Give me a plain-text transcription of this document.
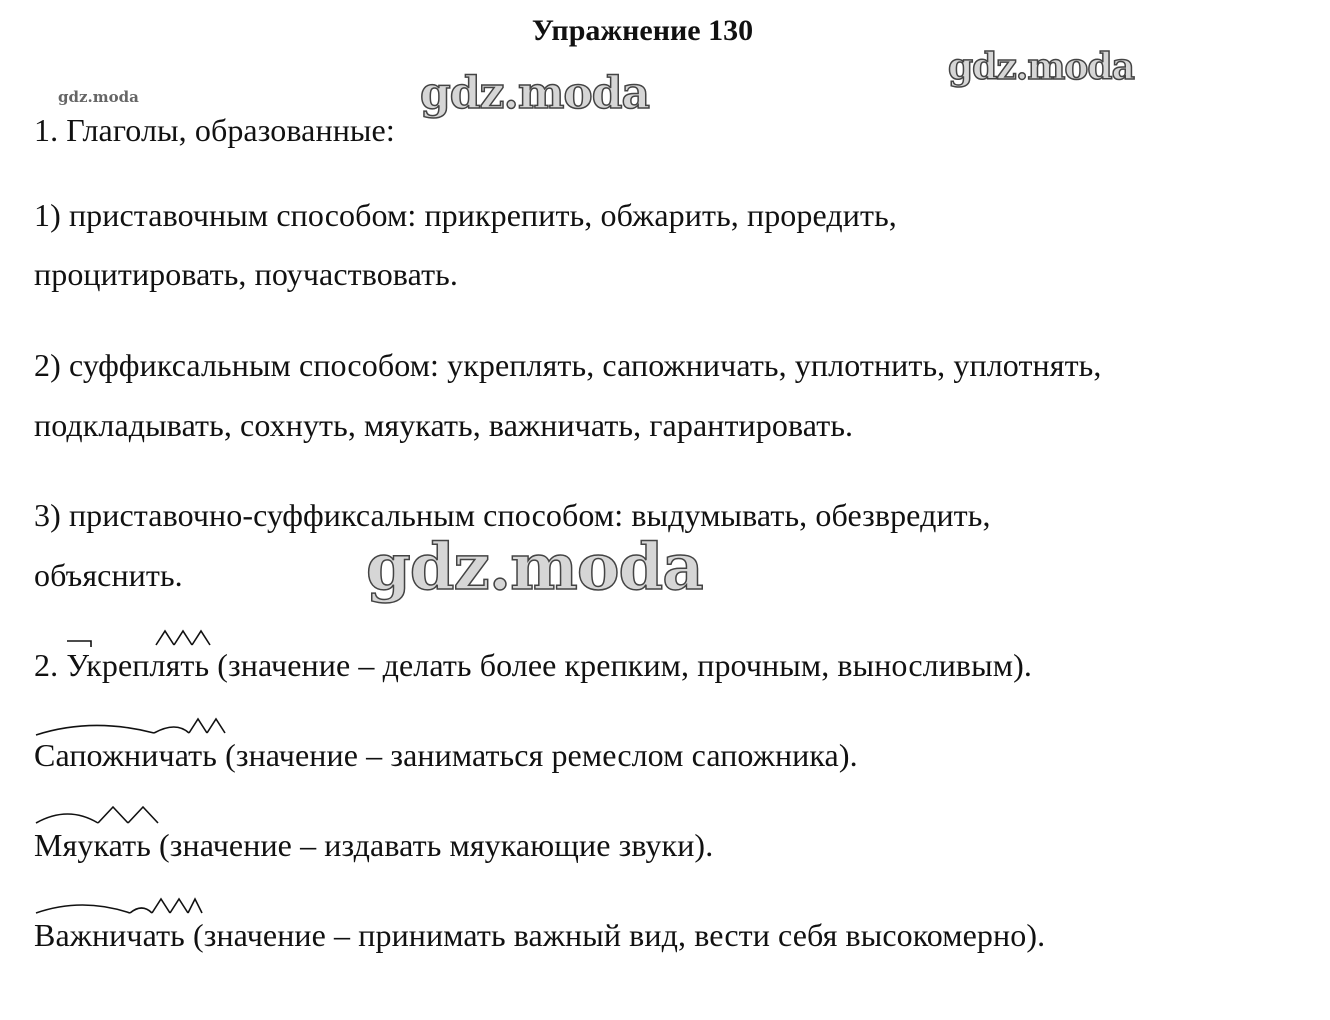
Упражнение 130
gdz.moda	gdz.moda
gdz.moda
gdz.moda
1. Глаголы, образованные:
1) приставочным способом: прикрепить, обжарить, проредить,
процитировать, поучаствовать.
2) суффиксальным способом: укреплять, сапожничать, уплотнить, уплотнять,
подкладывать, сохнуть, мяукать, важничать, гарантировать.
3) приставочно-суффиксальным способом: выдумывать, обезвредить,
объяснить.
2.
Укреплять (значение – делать более крепким, прочным, выносливым).
Сапожничать (значение – заниматься ремеслом сапожника).
Мяукать (значение – издавать мяукающие звуки).
Важничать (значение – принимать важный вид, вести себя высокомерно).
